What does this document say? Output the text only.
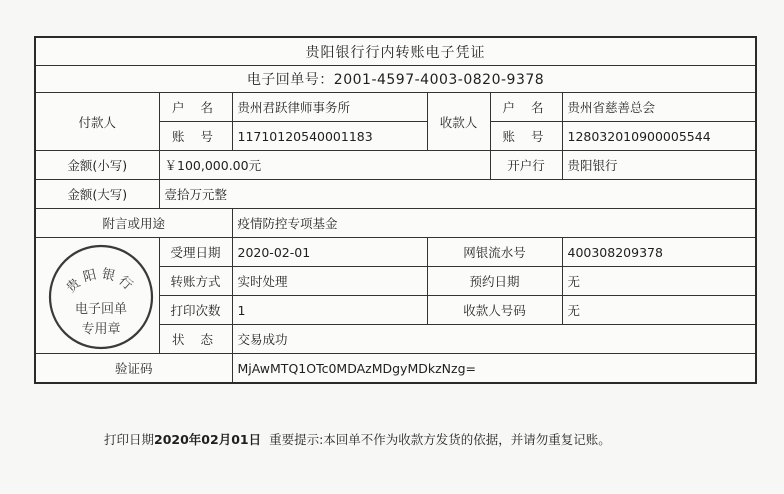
贵阳银行行内转账电子凭证					
电子回单号：2001-4597-4003-0820-9378					
付款人	户 名	贵州君跃律师事务所	收款人	户 名	贵州省慈善总会
	账 号	11710120540001183		账 号	128032010900005544
金额(小写)	￥100,000.00元			开户行	贵阳银行
金额(大写)	壹拾万元整				
附言或用途		疫情防控专项基金			

贵阳银行
电子回单
专用章	受理日期	2020-02-01	网银流水号		400308209378
	转账方式	实时处理	预约日期		无
	打印次数	1	收款人号码		无
	状 态	交易成功			
验证码		MjAwMTQ1OTc0MDAzMDgyMDkzNzg=			
打印日期2020年02月01日 重要提示:本回单不作为收款方发货的依据，并请勿重复记账。
